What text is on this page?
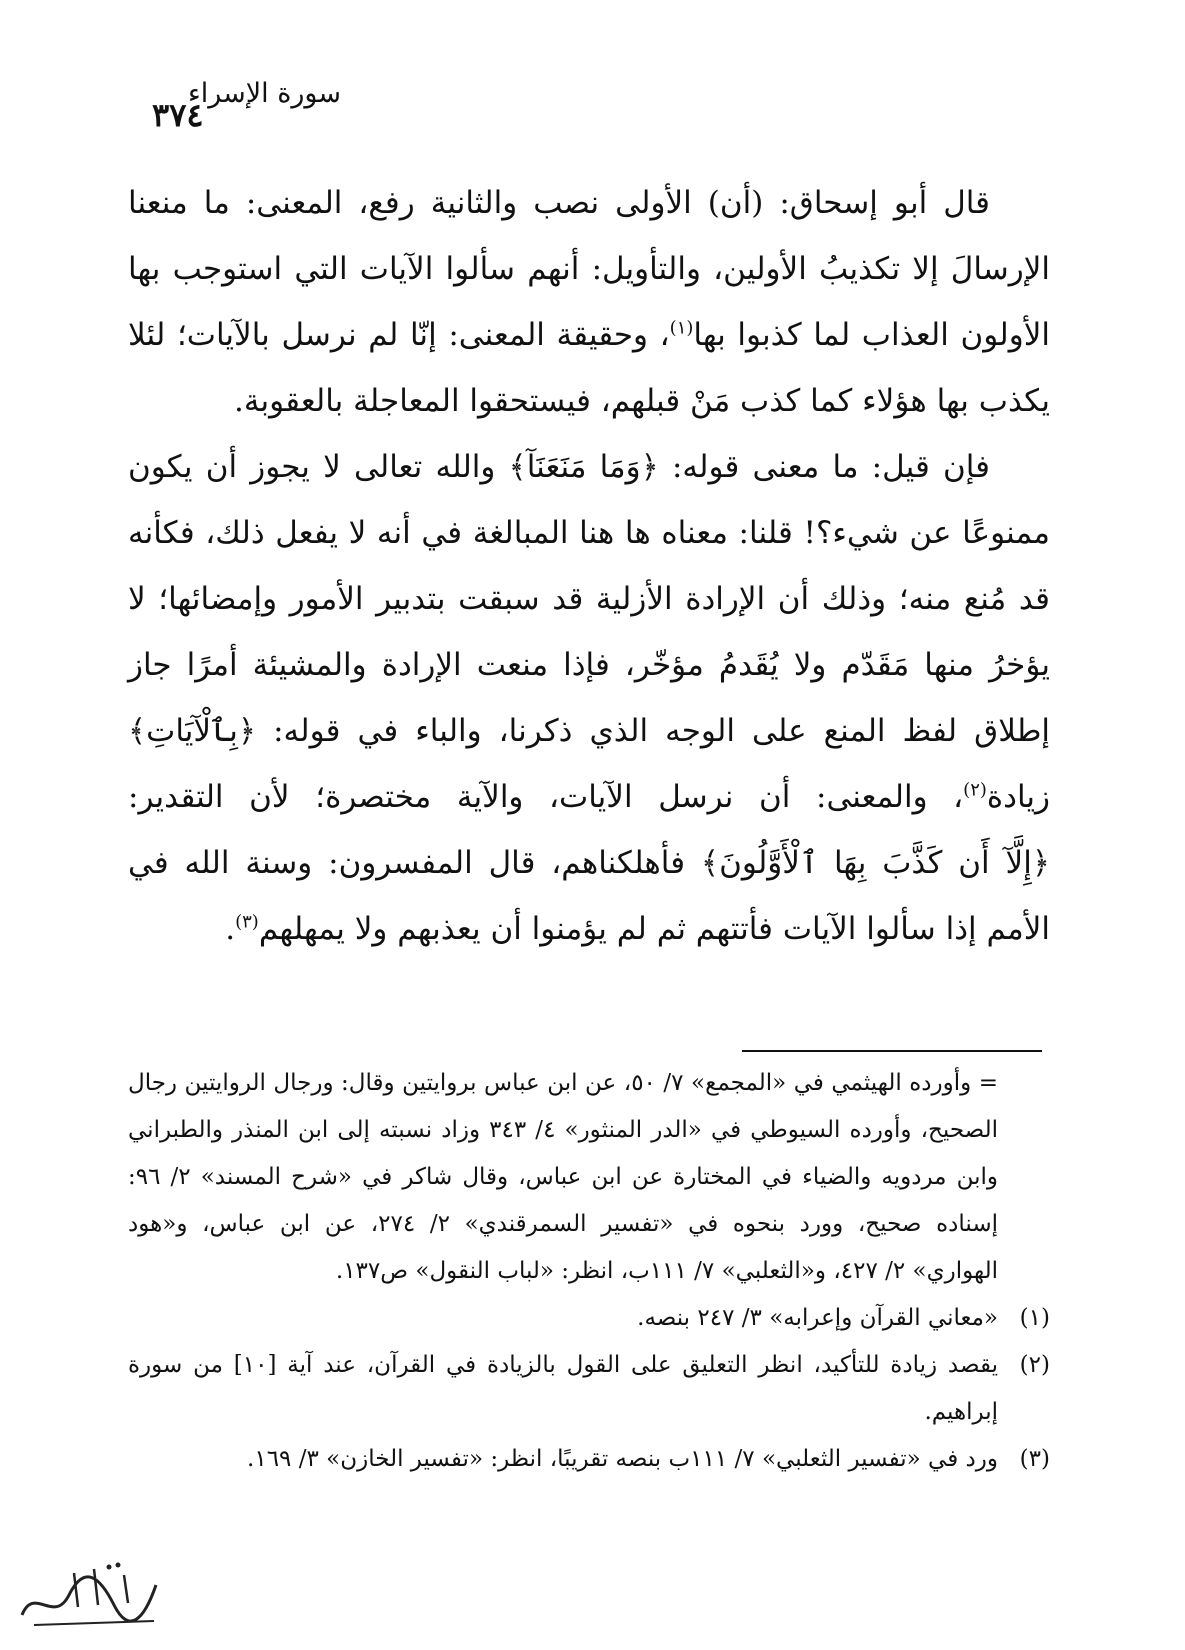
سورة الإسراء
٣٧٤

قال أبو إسحاق: (أن) الأولى نصب والثانية رفع، المعنى: ما منعنا الإرسالَ إلا تكذيبُ الأولين، والتأويل: أنهم سألوا الآيات التي استوجب بها الأولون العذاب لما كذبوا بها$^{(١)}$، وحقيقة المعنى: إنّا لم نرسل بالآيات؛ لئلا يكذب بها هؤلاء كما كذب مَنْ قبلهم، فيستحقوا المعاجلة بالعقوبة.

فإن قيل: ما معنى قوله: ﴿وَمَا مَنَعَنَآ﴾ والله تعالى لا يجوز أن يكون ممنوعًا عن شيء؟! قلنا: معناه ها هنا المبالغة في أنه لا يفعل ذلك، فكأنه قد مُنع منه؛ وذلك أن الإرادة الأزلية قد سبقت بتدبير الأمور وإمضائها؛ لا يؤخرُ منها مَقَدّم ولا يُقَدمُ مؤخّر، فإذا منعت الإرادة والمشيئة أمرًا جاز إطلاق لفظ المنع على الوجه الذي ذكرنا، والباء في قوله: ﴿بِٱلْآيَاتِ﴾ زيادة$^{(٢)}$، والمعنى: أن نرسل الآيات، والآية مختصرة؛ لأن التقدير: ﴿إِلَّآ أَن كَذَّبَ بِهَا ٱلْأَوَّلُونَ﴾ فأهلكناهم، قال المفسرون: وسنة الله في الأمم إذا سألوا الآيات فأتتهم ثم لم يؤمنوا أن يعذبهم ولا يمهلهم$^{(٣)}$.

= وأورده الهيثمي في «المجمع» ٧/ ٥٠، عن ابن عباس بروايتين وقال: ورجال الروايتين رجال الصحيح، وأورده السيوطي في «الدر المنثور» ٤/ ٣٤٣ وزاد نسبته إلى ابن المنذر والطبراني وابن مردويه والضياء في المختارة عن ابن عباس، وقال شاكر في «شرح المسند» ٢/ ٩٦: إسناده صحيح، وورد بنحوه في «تفسير السمرقندي» ٢/ ٢٧٤، عن ابن عباس، و«هود الهواري» ٢/ ٤٢٧، و«الثعلبي» ٧/ ١١١ب، انظر: «لباب النقول» ص١٣٧.

(١)
«معاني القرآن وإعرابه» ٣/ ٢٤٧ بنصه.

(٢)
يقصد زيادة للتأكيد، انظر التعليق على القول بالزيادة في القرآن، عند آية [١٠] من سورة إبراهيم.

(٣)
ورد في «تفسير الثعلبي» ٧/ ١١١ب بنصه تقريبًا، انظر: «تفسير الخازن» ٣/ ١٦٩.
